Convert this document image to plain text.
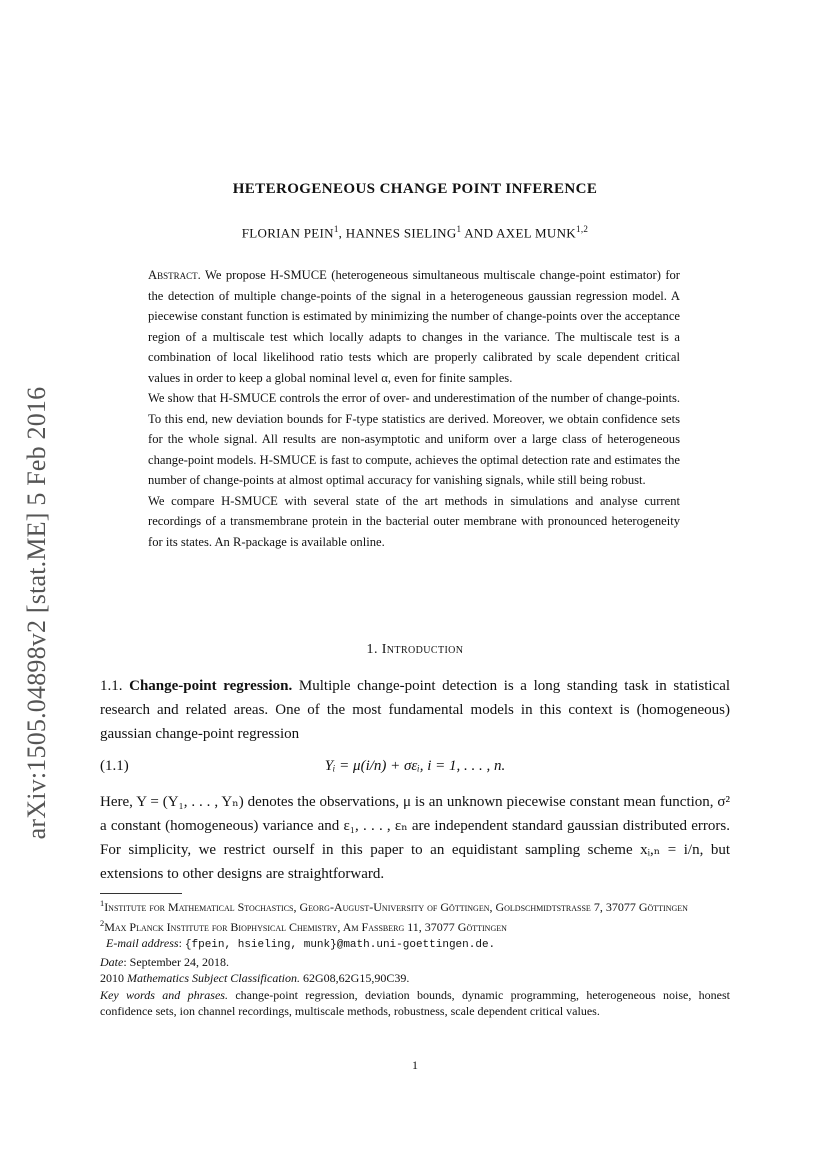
arXiv:1505.04898v2 [stat.ME] 5 Feb 2016
HETEROGENEOUS CHANGE POINT INFERENCE
FLORIAN PEIN$^1$, HANNES SIELING$^1$ AND AXEL MUNK$^{1,2}$

Abstract. We propose H-SMUCE (heterogeneous simultaneous multiscale change-point estimator) for the detection of multiple change-points of the signal in a heterogeneous gaussian regression model. A piecewise constant function is estimated by minimizing the number of change-points over the acceptance region of a multiscale test which locally adapts to changes in the variance. The multiscale test is a combination of local likelihood ratio tests which are properly calibrated by scale dependent critical values in order to keep a global nominal level α, even for finite samples.

We show that H-SMUCE controls the error of over- and underestimation of the number of change-points. To this end, new deviation bounds for F-type statistics are derived. Moreover, we obtain confidence sets for the whole signal. All results are non-asymptotic and uniform over a large class of heterogeneous change-point models. H-SMUCE is fast to compute, achieves the optimal detection rate and estimates the number of change-points at almost optimal accuracy for vanishing signals, while still being robust.

We compare H-SMUCE with several state of the art methods in simulations and analyse current recordings of a transmembrane protein in the bacterial outer membrane with pronounced heterogeneity for its states. An R-package is available online.

1. Introduction
1.1. Change-point regression. Multiple change-point detection is a long standing task in statistical research and related areas. One of the most fundamental models in this context is (homogeneous) gaussian change-point regression
(1.1)	Yᵢ = μ(i/n) + σεᵢ, i = 1, . . . , n.
Here, Y = (Y₁, . . . , Yₙ) denotes the observations, μ is an unknown piecewise constant mean function, σ² a constant (homogeneous) variance and ε₁, . . . , εₙ are independent standard gaussian distributed errors. For simplicity, we restrict ourself in this paper to an equidistant sampling scheme xᵢ,ₙ = i/n, but extensions to other designs are straightforward.

$^1$Institute for Mathematical Stochastics, Georg-August-University of Göttingen, Goldschmidtstrasse 7, 37077 Göttingen

$^2$Max Planck Institute for Biophysical Chemistry, Am Fassberg 11, 37077 Göttingen

E-mail address: {fpein, hsieling, munk}@math.uni-goettingen.de.

Date: September 24, 2018.

2010 Mathematics Subject Classification. 62G08,62G15,90C39.

Key words and phrases. change-point regression, deviation bounds, dynamic programming, heterogeneous noise, honest confidence sets, ion channel recordings, multiscale methods, robustness, scale dependent critical values.

1
